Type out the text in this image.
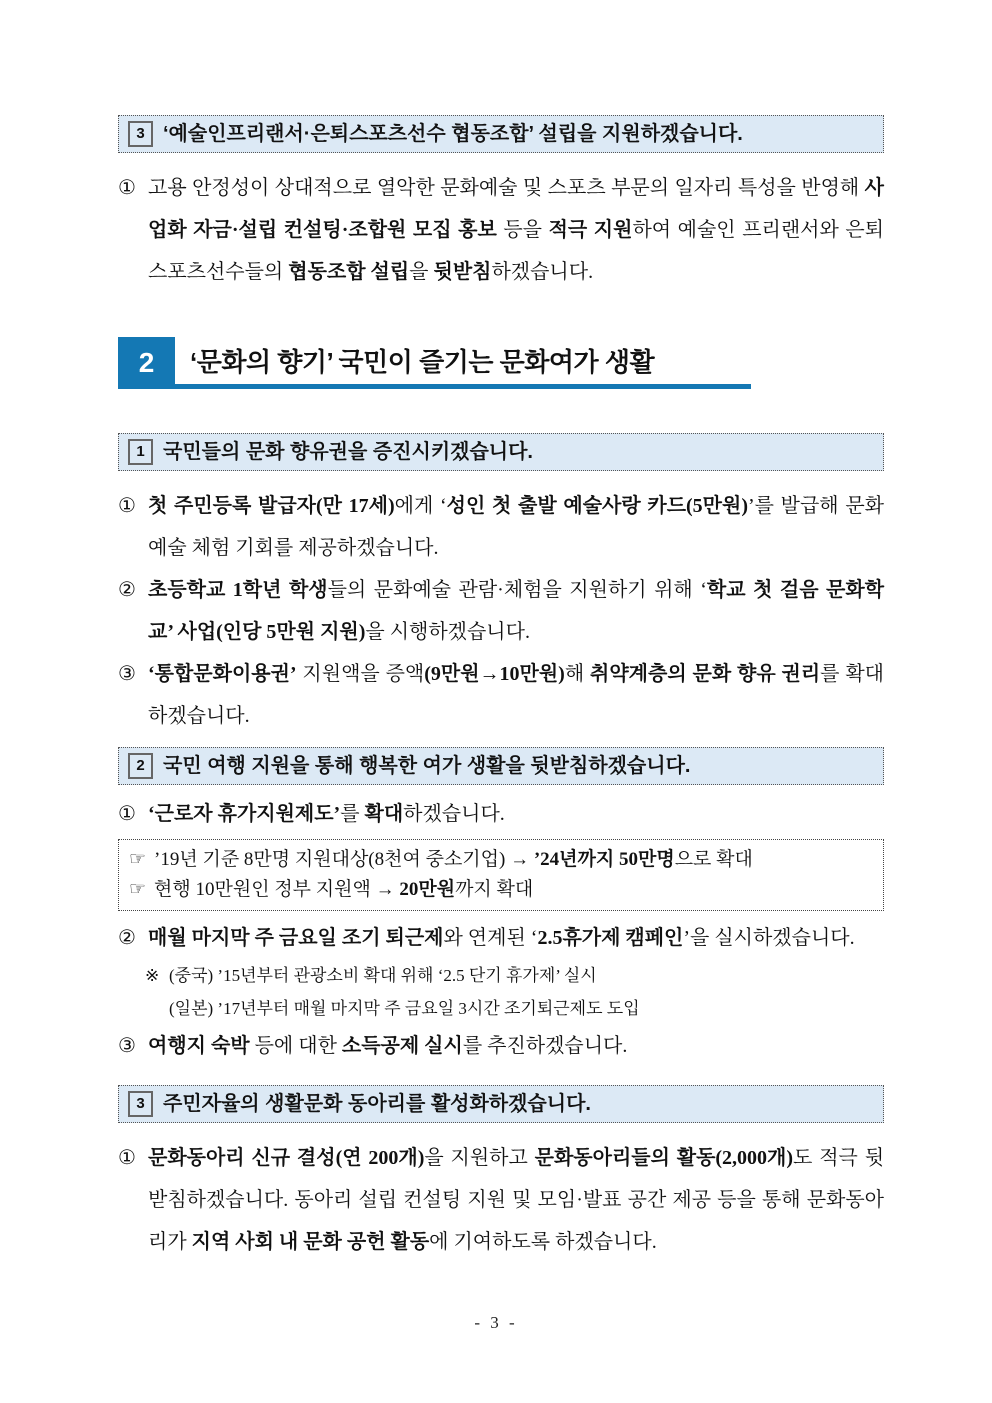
3 ‘예술인프리랜서·은퇴스포츠선수 협동조합’ 설립을 지원하겠습니다.
① 고용 안정성이 상대적으로 열악한 문화예술 및 스포츠 부문의 일자리 특성을 반영해 사업화 자금·설립 컨설팅·조합원 모집 홍보 등을 적극 지원하여 예술인 프리랜서와 은퇴스포츠선수들의 협동조합 설립을 뒷받침하겠습니다.
2	‘문화의 향기’ 국민이 즐기는 문화여가 생활
1 국민들의 문화 향유권을 증진시키겠습니다.
① 첫 주민등록 발급자(만 17세)에게 ‘성인 첫 출발 예술사랑 카드(5만원)’를 발급해 문화예술 체험 기회를 제공하겠습니다.
② 초등학교 1학년 학생들의 문화예술 관람·체험을 지원하기 위해 ‘학교 첫 걸음 문화학교’ 사업(인당 5만원 지원)을 시행하겠습니다.
③ ‘통합문화이용권’ 지원액을 증액(9만원→10만원)해 취약계층의 문화 향유 권리를 확대하겠습니다.
2 국민 여행 지원을 통해 행복한 여가 생활을 뒷받침하겠습니다.
① ‘근로자 휴가지원제도’를 확대하겠습니다.
☞ ’19년 기준 8만명 지원대상(8천여 중소기업) → ’24년까지 50만명으로 확대
☞ 현행 10만원인 정부 지원액 → 20만원까지 확대
② 매월 마지막 주 금요일 조기 퇴근제와 연계된 ‘2.5휴가제 캠페인’을 실시하겠습니다.
※ (중국) ’15년부터 관광소비 확대 위해 ‘2.5 단기 휴가제’ 실시
(일본) ’17년부터 매월 마지막 주 금요일 3시간 조기퇴근제도 도입
③ 여행지 숙박 등에 대한 소득공제 실시를 추진하겠습니다.
3 주민자율의 생활문화 동아리를 활성화하겠습니다.
① 문화동아리 신규 결성(연 200개)을 지원하고 문화동아리들의 활동(2,000개)도 적극 뒷받침하겠습니다. 동아리 설립 컨설팅 지원 및 모임·발표 공간 제공 등을 통해 문화동아리가 지역 사회 내 문화 공헌 활동에 기여하도록 하겠습니다.
- 3 -
